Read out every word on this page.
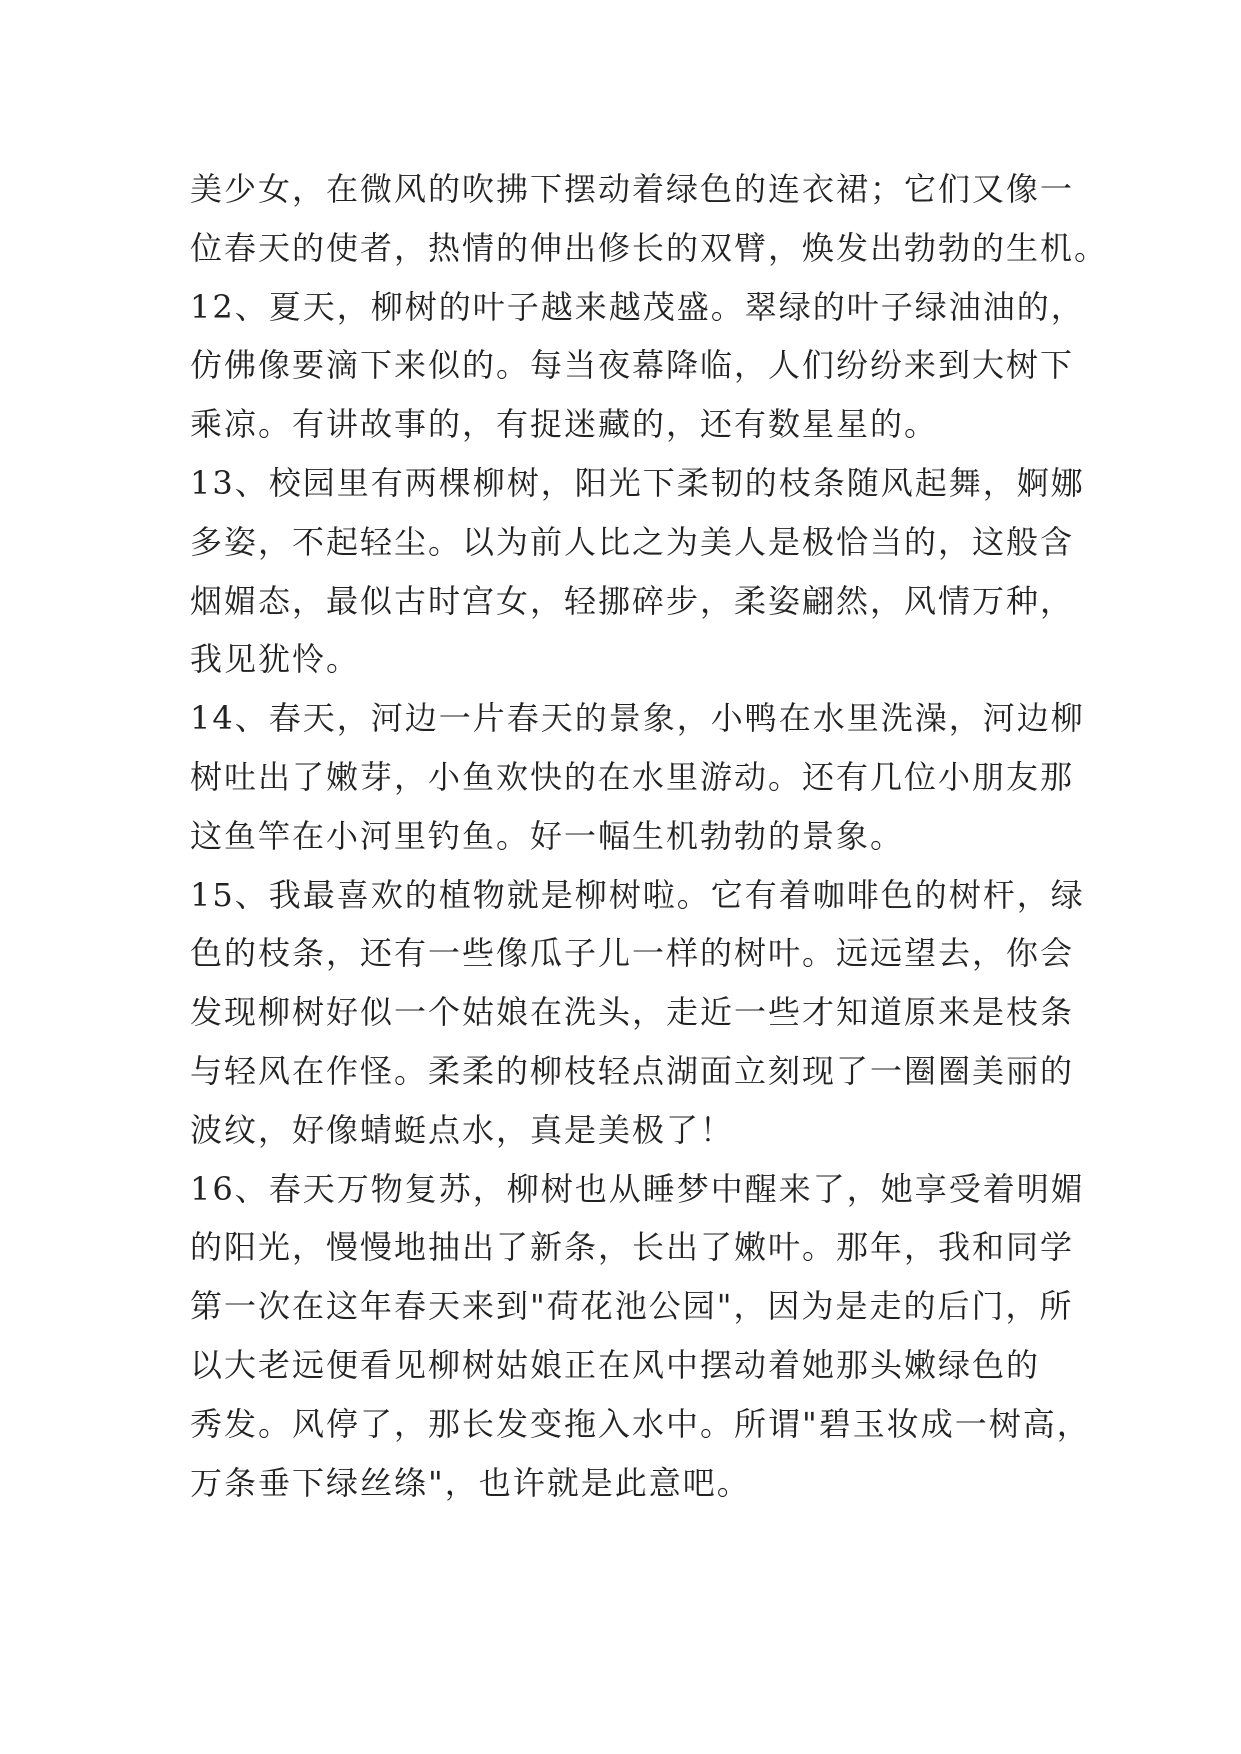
美少女，在微风的吹拂下摆动着绿色的连衣裙；它们又像一
位春天的使者，热情的伸出修长的双臂，焕发出勃勃的生机。
12、夏天，柳树的叶子越来越茂盛。翠绿的叶子绿油油的，
仿佛像要滴下来似的。每当夜幕降临，人们纷纷来到大树下
乘凉。有讲故事的，有捉迷藏的，还有数星星的。
13、校园里有两棵柳树，阳光下柔韧的枝条随风起舞，婀娜
多姿，不起轻尘。以为前人比之为美人是极恰当的，这般含
烟媚态，最似古时宫女，轻挪碎步，柔姿翩然，风情万种，
我见犹怜。
14、春天，河边一片春天的景象，小鸭在水里洗澡，河边柳
树吐出了嫩芽，小鱼欢快的在水里游动。还有几位小朋友那
这鱼竿在小河里钓鱼。好一幅生机勃勃的景象。
15、我最喜欢的植物就是柳树啦。它有着咖啡色的树杆，绿
色的枝条，还有一些像瓜子儿一样的树叶。远远望去，你会
发现柳树好似一个姑娘在洗头，走近一些才知道原来是枝条
与轻风在作怪。柔柔的柳枝轻点湖面立刻现了一圈圈美丽的
波纹，好像蜻蜓点水，真是美极了！
16、春天万物复苏，柳树也从睡梦中醒来了，她享受着明媚
的阳光，慢慢地抽出了新条，长出了嫩叶。那年，我和同学
第一次在这年春天来到"荷花池公园"，因为是走的后门，所
以大老远便看见柳树姑娘正在风中摆动着她那头嫩绿色的
秀发。风停了，那长发变拖入水中。所谓"碧玉妆成一树高，
万条垂下绿丝绦"，也许就是此意吧。
